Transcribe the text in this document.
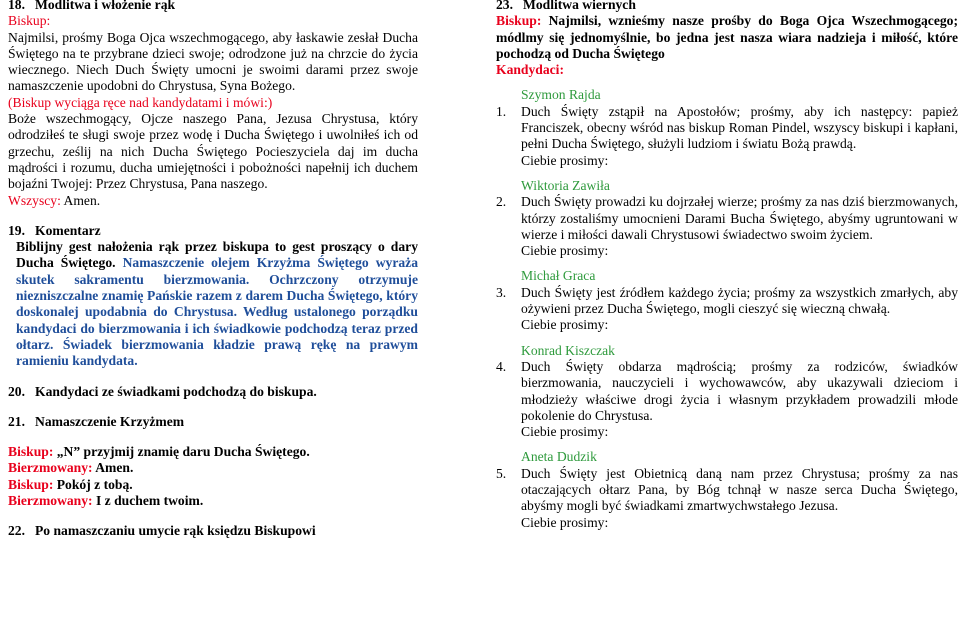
18. Modlitwa i włożenie rąk

Biskup:

Najmilsi, prośmy Boga Ojca wszechmogącego, aby łaskawie zesłał Ducha Świętego na te przybrane dzieci swoje; odrodzone już na chrzcie do życia wiecznego. Niech Duch Święty umocni je swoimi darami przez swoje namaszczenie upodobni do Chrystusa, Syna Bożego.

(Biskup wyciąga ręce nad kandydatami i mówi:)

Boże wszechmogący, Ojcze naszego Pana, Jezusa Chrystusa, który odrodziłeś te sługi swoje przez wodę i Ducha Świętego i uwolniłeś ich od grzechu, ześlij na nich Ducha Świętego Pocieszyciela daj im ducha mądrości i rozumu, ducha umiejętności i pobożności napełnij ich duchem bojaźni Twojej: Przez Chrystusa, Pana naszego.

Wszyscy: Amen.

19. Komentarz

Biblijny gest nałożenia rąk przez biskupa to gest proszący o dary Ducha Świętego. Namaszczenie olejem Krzyżma Świętego wyraża skutek sakramentu bierzmowania. Ochrzczony otrzymuje niezniszczalne znamię Pańskie razem z darem Ducha Świętego, który doskonalej upodabnia do Chrystusa. Według ustalonego porządku kandydaci do bierzmowania i ich świadkowie podchodzą teraz przed ołtarz. Świadek bierzmowania kładzie prawą rękę na prawym ramieniu kandydata.

20. Kandydaci ze świadkami podchodzą do biskupa.
21. Namaszczenie Krzyżmem

Biskup: „N” przyjmij znamię daru Ducha Świętego.

Bierzmowany: Amen.

Biskup: Pokój z tobą.

Bierzmowany: I z duchem twoim.

22. Po namaszczaniu umycie rąk księdzu Biskupowi
23. Modlitwa wiernych

Biskup: Najmilsi, wznieśmy nasze prośby do Boga Ojca Wszechmogącego; módlmy się jednomyślnie, bo jedna jest nasza wiara nadzieja i miłość, które pochodzą od Ducha Świętego

Kandydaci:

Szymon Rajda

1.	Duch Święty zstąpił na Apostołów; prośmy, aby ich następcy: papież Franciszek, obecny wśród nas biskup Roman Pindel, wszyscy biskupi i kapłani, pełni Ducha Świętego, służyli ludziom i światu Bożą prawdą.

Ciebie prosimy:

Wiktoria Zawiła

2.	Duch Święty prowadzi ku dojrzałej wierze; prośmy za nas dziś bierzmowanych, którzy zostaliśmy umocnieni Darami Bucha Świętego, abyśmy ugruntowani w wierze i miłości dawali Chrystusowi świadectwo swoim życiem.

Ciebie prosimy:

Michał Graca

3.	Duch Święty jest źródłem każdego życia; prośmy za wszystkich zmarłych, aby ożywieni przez Ducha Świętego, mogli cieszyć się wieczną chwałą.

Ciebie prosimy:

Konrad Kiszczak

4.	Duch Święty obdarza mądrością; prośmy za rodziców, świadków bierzmowania, nauczycieli i wychowawców, aby ukazywali dzieciom i młodzieży właściwe drogi życia i własnym przykładem prowadzili młode pokolenie do Chrystusa.

Ciebie prosimy:

Aneta Dudzik

5.	Duch Święty jest Obietnicą daną nam przez Chrystusa; prośmy za nas otaczających ołtarz Pana, by Bóg tchnął w nasze serca Ducha Świętego, abyśmy mogli być świadkami zmartwychwstałego Jezusa.

Ciebie prosimy:
